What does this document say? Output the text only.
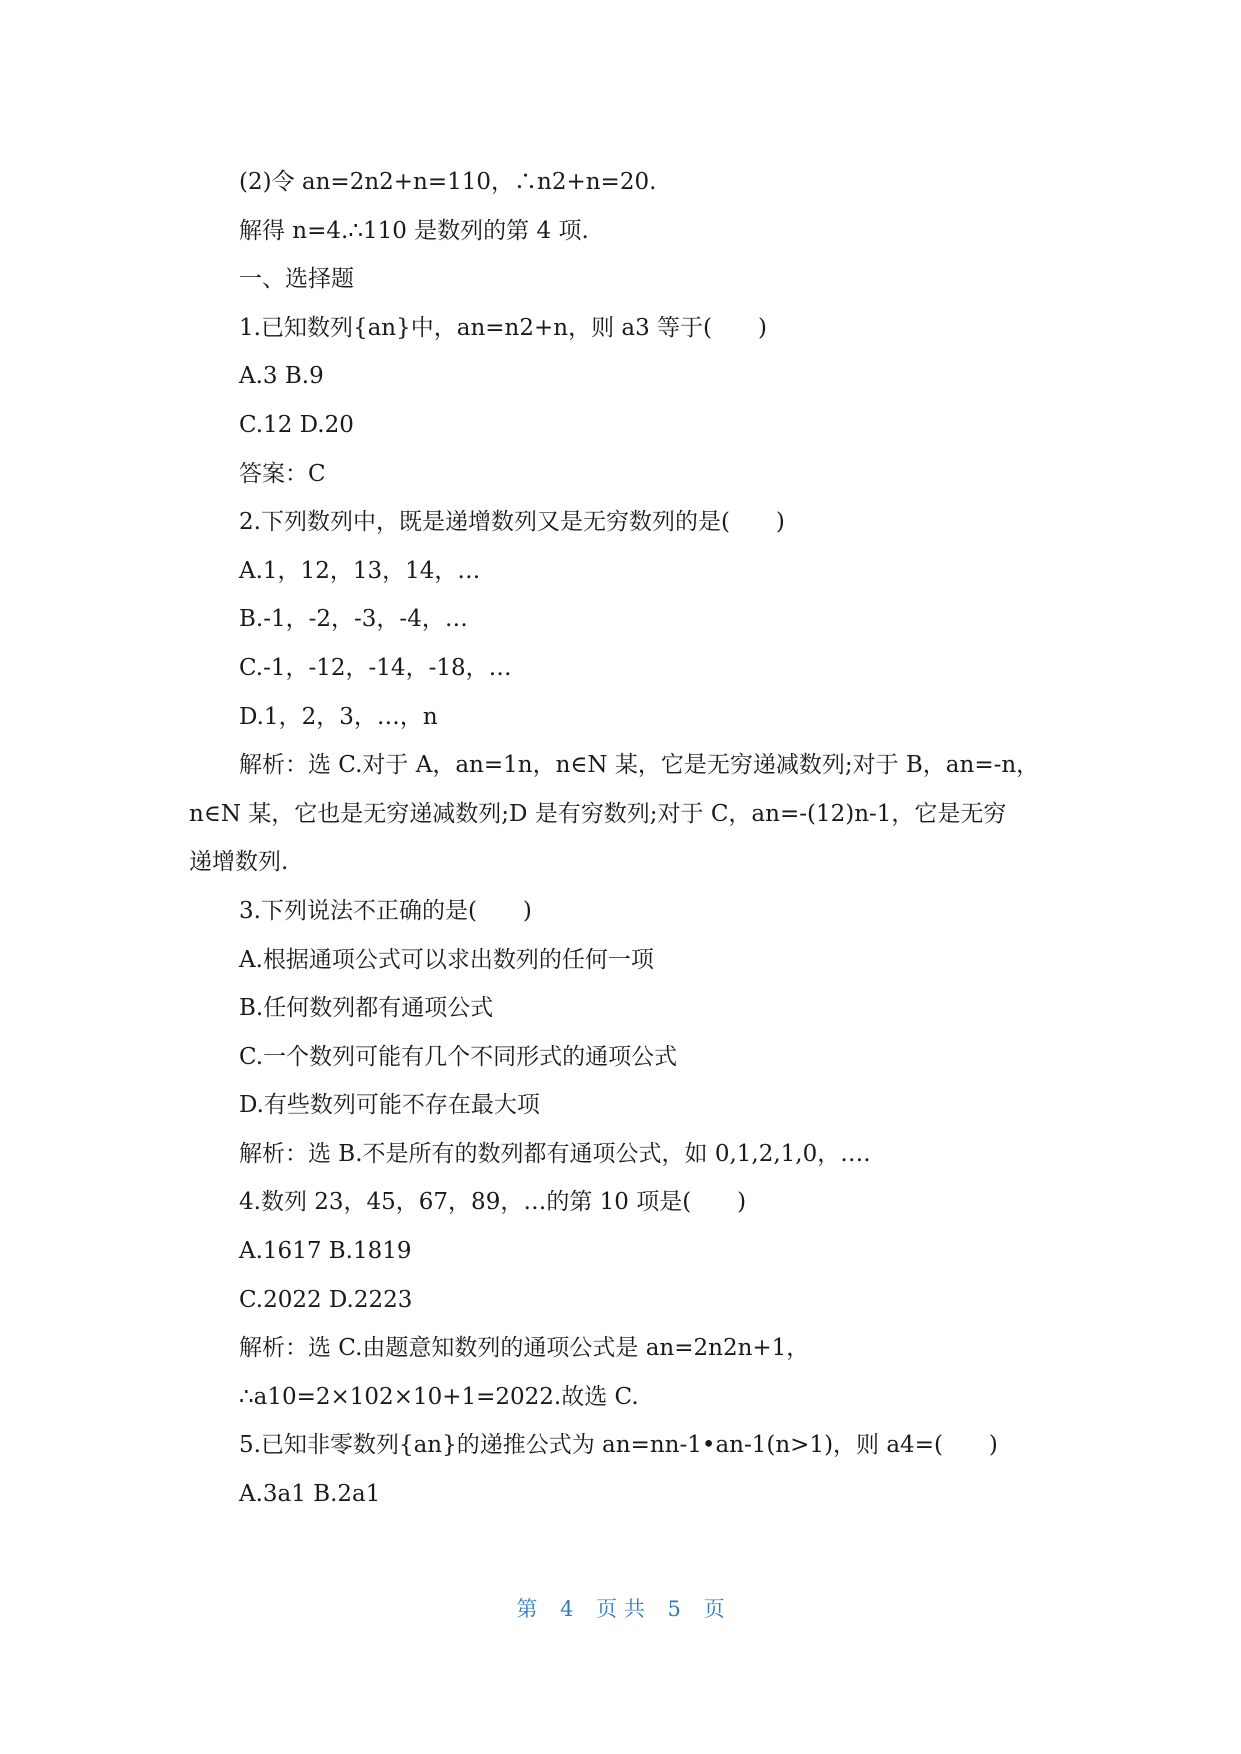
(2)令 an=2n2+n=110，∴n2+n=20.
解得 n=4.∴110 是数列的第 4 项.
一、选择题
1.已知数列{an}中，an=n2+n，则 a3 等于(　　)
A.3 B.9
C.12 D.20
答案：C
2.下列数列中，既是递增数列又是无穷数列的是(　　)
A.1，12，13，14，…
B.-1，-2，-3，-4，…
C.-1，-12，-14，-18，…
D.1，2，3，…，n
解析：选 C.对于 A，an=1n，n∈N 某，它是无穷递减数列;对于 B，an=-n，
n∈N 某，它也是无穷递减数列;D 是有穷数列;对于 C，an=-(12)n-1，它是无穷
递增数列.
3.下列说法不正确的是(　　)
A.根据通项公式可以求出数列的任何一项
B.任何数列都有通项公式
C.一个数列可能有几个不同形式的通项公式
D.有些数列可能不存在最大项
解析：选 B.不是所有的数列都有通项公式，如 0,1,2,1,0，….
4.数列 23，45，67，89，…的第 10 项是(　　)
A.1617 B.1819
C.2022 D.2223
解析：选 C.由题意知数列的通项公式是 an=2n2n+1，
∴a10=2×102×10+1=2022.故选 C.
5.已知非零数列{an}的递推公式为 an=nn-1•an-1(n>1)，则 a4=(　　)
A.3a1 B.2a1
第 4 页 共 5 页
